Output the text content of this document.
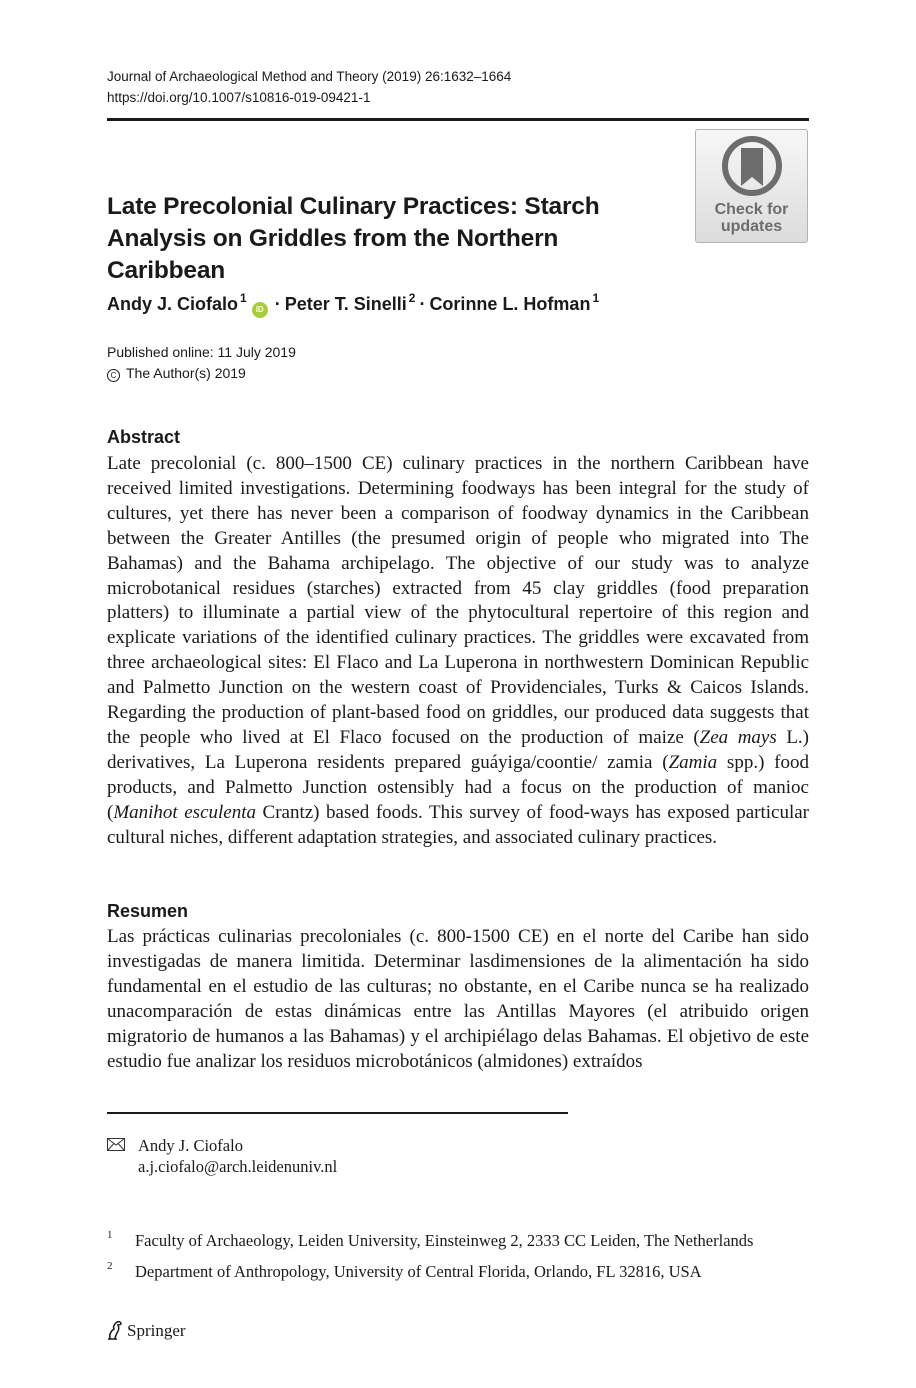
Journal of Archaeological Method and Theory (2019) 26:1632–1664
https://doi.org/10.1007/s10816-019-09421-1
Check for updates
Late Precolonial Culinary Practices: Starch Analysis on Griddles from the Northern Caribbean
Andy J. Ciofalo $^1$iD · Peter T. Sinelli $^2$ · Corinne L. Hofman $^1$
Published online: 11 July 2019
C The Author(s) 2019
Abstract
Late precolonial (c. 800–1500 CE) culinary practices in the northern Caribbean have received limited investigations. Determining foodways has been integral for the study of cultures, yet there has never been a comparison of foodway dynamics in the Caribbean between the Greater Antilles (the presumed origin of people who migrated into The Bahamas) and the Bahama archipelago. The objective of our study was to analyze microbotanical residues (starches) extracted from 45 clay griddles (food preparation platters) to illuminate a partial view of the phytocultural repertoire of this region and explicate variations of the identified culinary practices. The griddles were excavated from three archaeological sites: El Flaco and La Luperona in northwestern Dominican Republic and Palmetto Junction on the western coast of Providenciales, Turks & Caicos Islands. Regarding the production of plant-based food on griddles, our produced data suggests that the people who lived at El Flaco focused on the production of maize (Zea mays L.) derivatives, La Luperona residents prepared guáyiga/coontie/ zamia (Zamia spp.) food products, and Palmetto Junction ostensibly had a focus on the production of manioc (Manihot esculenta Crantz) based foods. This survey of food-ways has exposed particular cultural niches, different adaptation strategies, and associated culinary practices.
Resumen
Las prácticas culinarias precoloniales (c. 800-1500 CE) en el norte del Caribe han sido investigadas de manera limitida. Determinar lasdimensiones de la alimentación ha sido fundamental en el estudio de las culturas; no obstante, en el Caribe nunca se ha realizado unacomparación de estas dinámicas entre las Antillas Mayores (el atribuido origen migratorio de humanos a las Bahamas) y el archipiélago delas Bahamas. El objetivo de este estudio fue analizar los residuos microbotánicos (almidones) extraídos
Andy J. Ciofalo
a.j.ciofalo@arch.leidenuniv.nl
1 Faculty of Archaeology, Leiden University, Einsteinweg 2, 2333 CC Leiden, The Netherlands
2 Department of Anthropology, University of Central Florida, Orlando, FL 32816, USA
Springer
